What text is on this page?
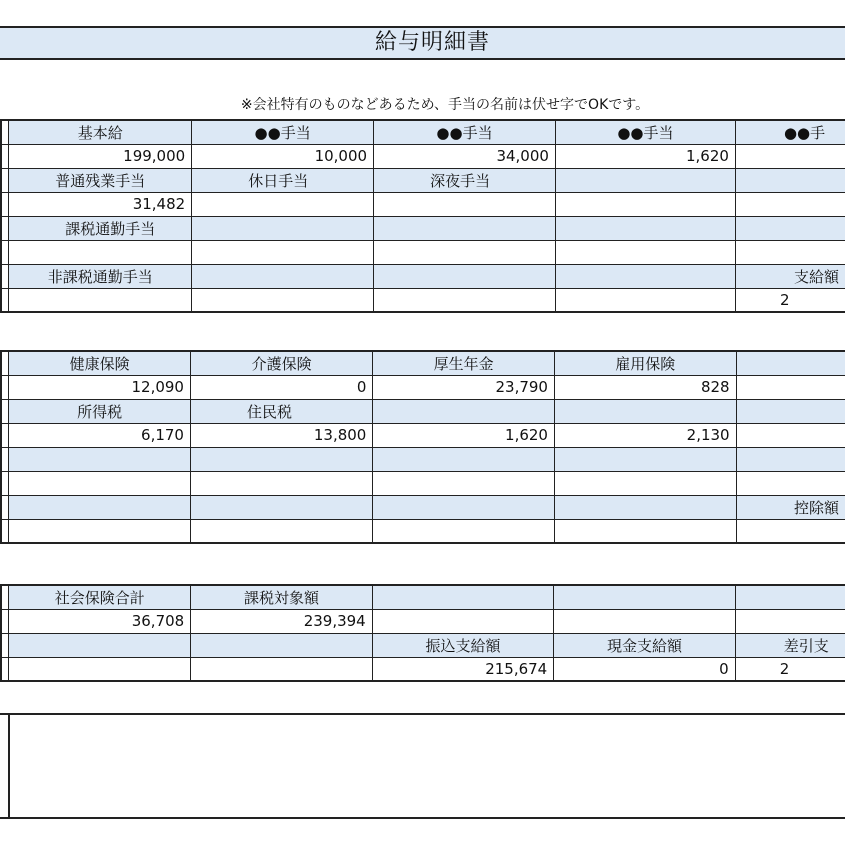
給与明細書
※会社特有のものなどあるため、手当の名前は伏せ字でOKです。
	基本給	●●手当	●●手当	●●手当	●●手
	199,000	10,000	34,000	1,620	
	普通残業手当	休日手当	深夜手当		
	31,482				
	課税通勤手当				

	非課税通勤手当				支給額
					2
	健康保険	介護保険	厚生年金	雇用保険	
	12,090	0	23,790	828	
	所得税	住民税			
	6,170	13,800	1,620	2,130	

					控除額

	社会保険合計	課税対象額			
	36,708	239,394			
			振込支給額	現金支給額	差引支
			215,674	0	2
